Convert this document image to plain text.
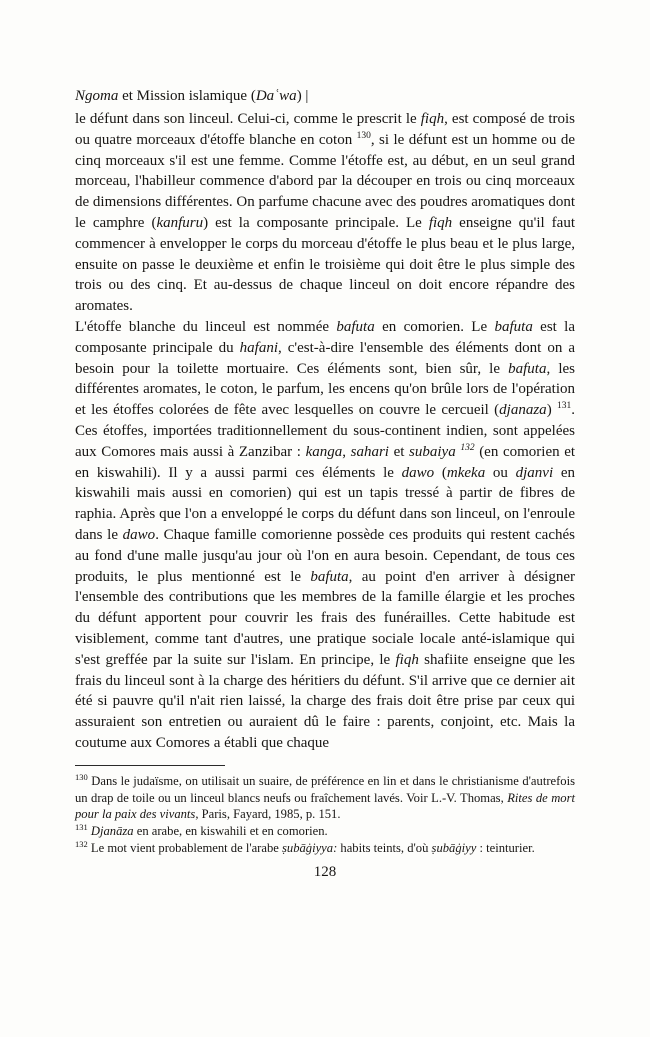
Ngoma et Mission islamique (Daʿwa) |

le défunt dans son linceul. Celui-ci, comme le prescrit le fiqh, est composé de trois ou quatre morceaux d'étoffe blanche en coton $^{130}$, si le défunt est un homme ou de cinq morceaux s'il est une femme. Comme l'étoffe est, au début, en un seul grand morceau, l'habilleur commence d'abord par la découper en trois ou cinq morceaux de dimensions différentes. On parfume chacune avec des poudres aromatiques dont le camphre (kanfuru) est la composante principale. Le fiqh enseigne qu'il faut commencer à envelopper le corps du morceau d'étoffe le plus beau et le plus large, ensuite on passe le deuxième et enfin le troisième qui doit être le plus simple des trois ou des cinq. Et au-dessus de chaque linceul on doit encore répandre des aromates.

L'étoffe blanche du linceul est nommée bafuta en comorien. Le bafuta est la composante principale du hafani, c'est-à-dire l'ensemble des éléments dont on a besoin pour la toilette mortuaire. Ces éléments sont, bien sûr, le bafuta, les différentes aromates, le coton, le parfum, les encens qu'on brûle lors de l'opération et les étoffes colorées de fête avec lesquelles on couvre le cercueil (djanaza) $^{131}$. Ces étoffes, importées traditionnellement du sous-continent indien, sont appelées aux Comores mais aussi à Zanzibar : kanga, sahari et subaiya $^{132}$ (en comorien et en kiswahili). Il y a aussi parmi ces éléments le dawo (mkeka ou djanvi en kiswahili mais aussi en comorien) qui est un tapis tressé à partir de fibres de raphia. Après que l'on a enveloppé le corps du défunt dans son linceul, on l'enroule dans le dawo. Chaque famille comorienne possède ces produits qui restent cachés au fond d'une malle jusqu'au jour où l'on en aura besoin. Cependant, de tous ces produits, le plus mentionné est le bafuta, au point d'en arriver à désigner l'ensemble des contributions que les membres de la famille élargie et les proches du défunt apportent pour couvrir les frais des funérailles. Cette habitude est visiblement, comme tant d'autres, une pratique sociale locale anté-islamique qui s'est greffée par la suite sur l'islam. En principe, le fiqh shafiite enseigne que les frais du linceul sont à la charge des héritiers du défunt. S'il arrive que ce dernier ait été si pauvre qu'il n'ait rien laissé, la charge des frais doit être prise par ceux qui assuraient son entretien ou auraient dû le faire : parents, conjoint, etc. Mais la coutume aux Comores a établi que chaque

$^{130}$ Dans le judaïsme, on utilisait un suaire, de préférence en lin et dans le christianisme d'autrefois un drap de toile ou un linceul blancs neufs ou fraîchement lavés. Voir L.-V. Thomas, Rites de mort pour la paix des vivants, Paris, Fayard, 1985, p. 151.

$^{131}$ Djanāza en arabe, en kiswahili et en comorien.

$^{132}$ Le mot vient probablement de l'arabe ṣubāġiyya: habits teints, d'où ṣubāġiyy : teinturier.

128
